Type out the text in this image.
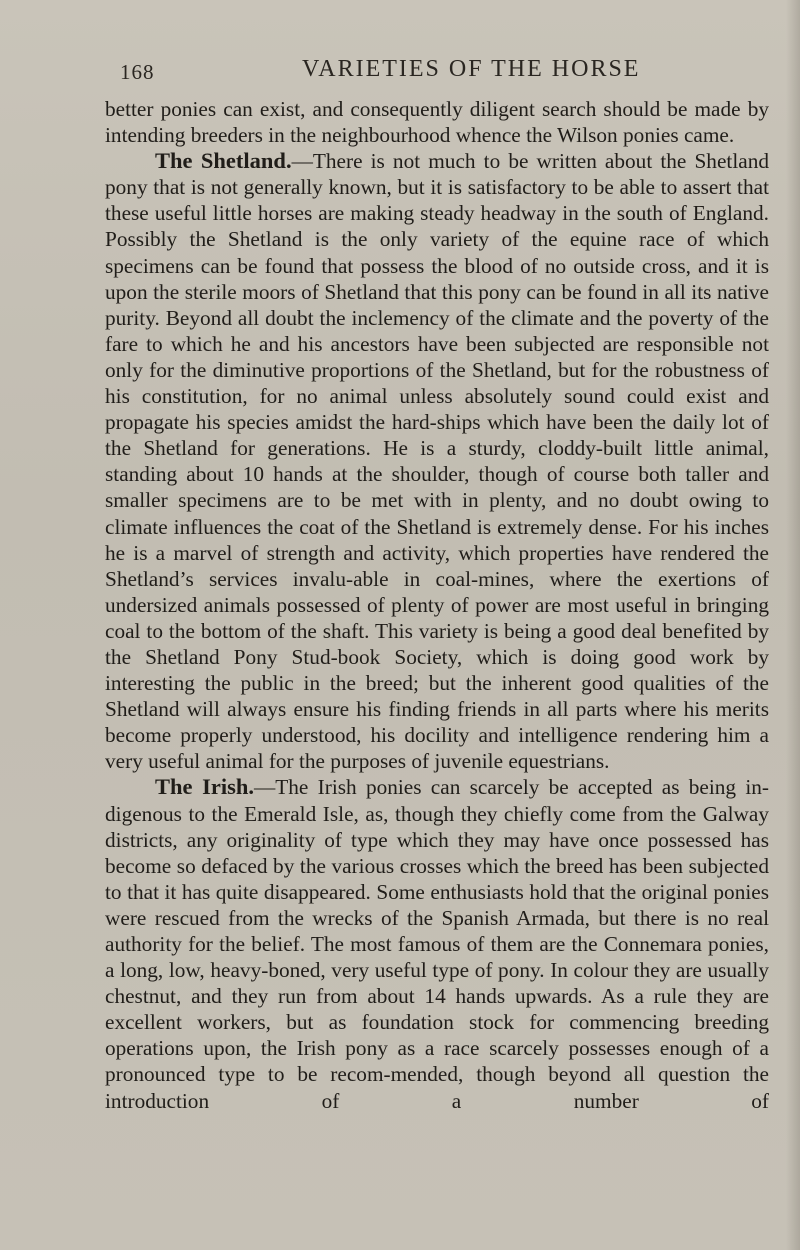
168	VARIETIES OF THE HORSE

better ponies can exist, and consequently diligent search should be made by intending breeders in the neighbourhood whence the Wilson ponies came.

The Shetland.—There is not much to be written about the Shetland pony that is not generally known, but it is satisfactory to be able to assert that these useful little horses are making steady headway in the south of England. Possibly the Shetland is the only variety of the equine race of which specimens can be found that possess the blood of no outside cross, and it is upon the sterile moors of Shetland that this pony can be found in all its native purity. Beyond all doubt the inclemency of the climate and the poverty of the fare to which he and his ancestors have been subjected are responsible not only for the diminutive proportions of the Shetland, but for the robustness of his constitution, for no animal unless absolutely sound could exist and propagate his species amidst the hard-ships which have been the daily lot of the Shetland for generations. He is a sturdy, cloddy-built little animal, standing about 10 hands at the shoulder, though of course both taller and smaller specimens are to be met with in plenty, and no doubt owing to climate influences the coat of the Shetland is extremely dense. For his inches he is a marvel of strength and activity, which properties have rendered the Shetland’s services invalu-able in coal-mines, where the exertions of undersized animals possessed of plenty of power are most useful in bringing coal to the bottom of the shaft. This variety is being a good deal benefited by the Shetland Pony Stud-book Society, which is doing good work by interesting the public in the breed; but the inherent good qualities of the Shetland will always ensure his finding friends in all parts where his merits become properly understood, his docility and intelligence rendering him a very useful animal for the purposes of juvenile equestrians.

The Irish.—The Irish ponies can scarcely be accepted as being in-digenous to the Emerald Isle, as, though they chiefly come from the Galway districts, any originality of type which they may have once possessed has become so defaced by the various crosses which the breed has been subjected to that it has quite disappeared. Some enthusiasts hold that the original ponies were rescued from the wrecks of the Spanish Armada, but there is no real authority for the belief. The most famous of them are the Connemara ponies, a long, low, heavy-boned, very useful type of pony. In colour they are usually chestnut, and they run from about 14 hands upwards. As a rule they are excellent workers, but as foundation stock for commencing breeding operations upon, the Irish pony as a race scarcely possesses enough of a pronounced type to be recom-mended, though beyond all question the introduction of a number of
